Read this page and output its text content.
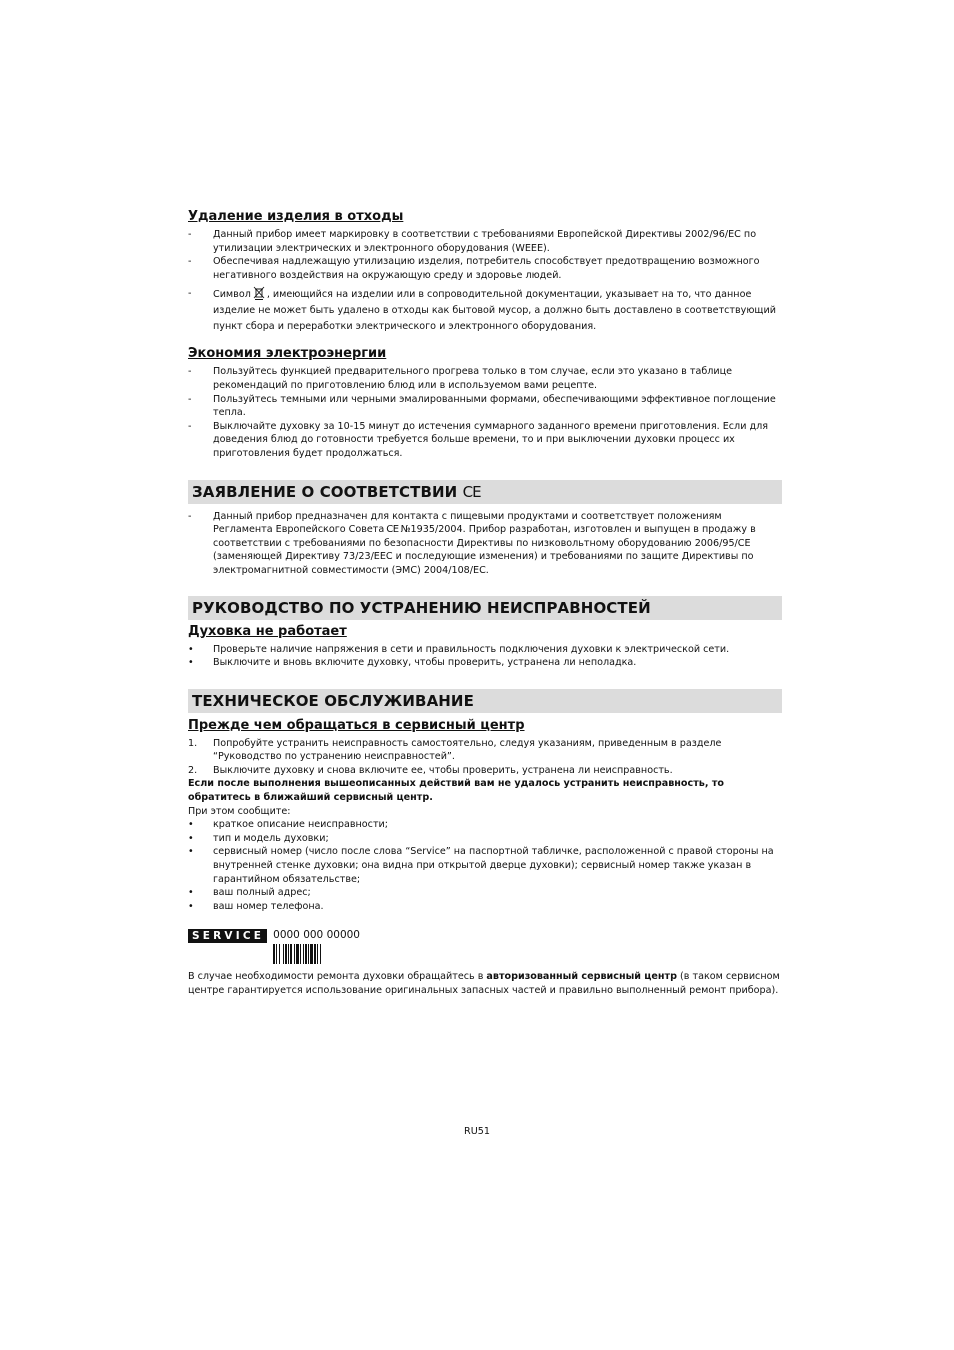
Удаление изделия в отходы
-	Данный прибор имеет маркировку в соответствии с требованиями Европейской Директивы 2002/96/ЕС по утилизации электрических и электронного оборудования (WEEE).
-	Обеспечивая надлежащую утилизацию изделия, потребитель способствует предотвращению возможного негативного воздействия на окружающую среду и здоровье людей.
-	Символ , имеющийся на изделии или в сопроводительной документации, указывает на то, что данное изделие не может быть удалено в отходы как бытовой мусор, а должно быть доставлено в соответствующий пункт сбора и переработки электрического и электронного оборудования.
Экономия электроэнергии
-	Пользуйтесь функцией предварительного прогрева только в том случае, если это указано в таблице рекомендаций по приготовлению блюд или в используемом вами рецепте.
-	Пользуйтесь темными или черными эмалированными формами, обеспечивающими эффективное поглощение тепла.
-	Выключайте духовку за 10-15 минут до истечения суммарного заданного времени приготовления. Если для доведения блюд до готовности требуется больше времени, то и при выключении духовки процесс их приготовления будет продолжаться.
ЗАЯВЛЕНИЕ О СООТВЕТСТВИИ
CE
-	Данный прибор предназначен для контакта с пищевыми продуктами и соответствует положениям Регламента Европейского Совета CE №1935/2004. Прибор разработан, изготовлен и выпущен в продажу в соответствии с требованиями по безопасности Директивы по низковольтному оборудованию 2006/95/CE (заменяющей Директиву 73/23/EEC и последующие изменения) и требованиями по защите Директивы по электромагнитной совместимости (ЭМС) 2004/108/EC.
РУКОВОДСТВО ПО УСТРАНЕНИЮ НЕИСПРАВНОСТЕЙ
Духовка не работает
•	Проверьте наличие напряжения в сети и правильность подключения духовки к электрической сети.
•	Выключите и вновь включите духовку, чтобы проверить, устранена ли неполадка.
ТЕХНИЧЕСКОЕ ОБСЛУЖИВАНИЕ
Прежде чем обращаться в сервисный центр
1.	Попробуйте устранить неисправность самостоятельно, следуя указаниям, приведенным в разделе “Руководство по устранению неисправностей”.
2.	Выключите духовку и снова включите ее, чтобы проверить, устранена ли неисправность.

Если после выполнения вышеописанных действий вам не удалось устранить неисправность, то обратитесь в ближайший сервисный центр.

При этом сообщите:

•	краткое описание неисправности;
•	тип и модель духовки;
•	сервисный номер (число после слова “Service” на паспортной табличке, расположенной с правой стороны на внутренней стенке духовки; она видна при открытой дверце духовки); сервисный номер также указан в гарантийном обязательстве;
•	ваш полный адрес;
•	ваш номер телефона.
SERVICE 0000 000 00000

В случае необходимости ремонта духовки обращайтесь в авторизованный сервисный центр (в таком сервисном центре гарантируется использование оригинальных запасных частей и правильно выполненный ремонт прибора).

RU51
